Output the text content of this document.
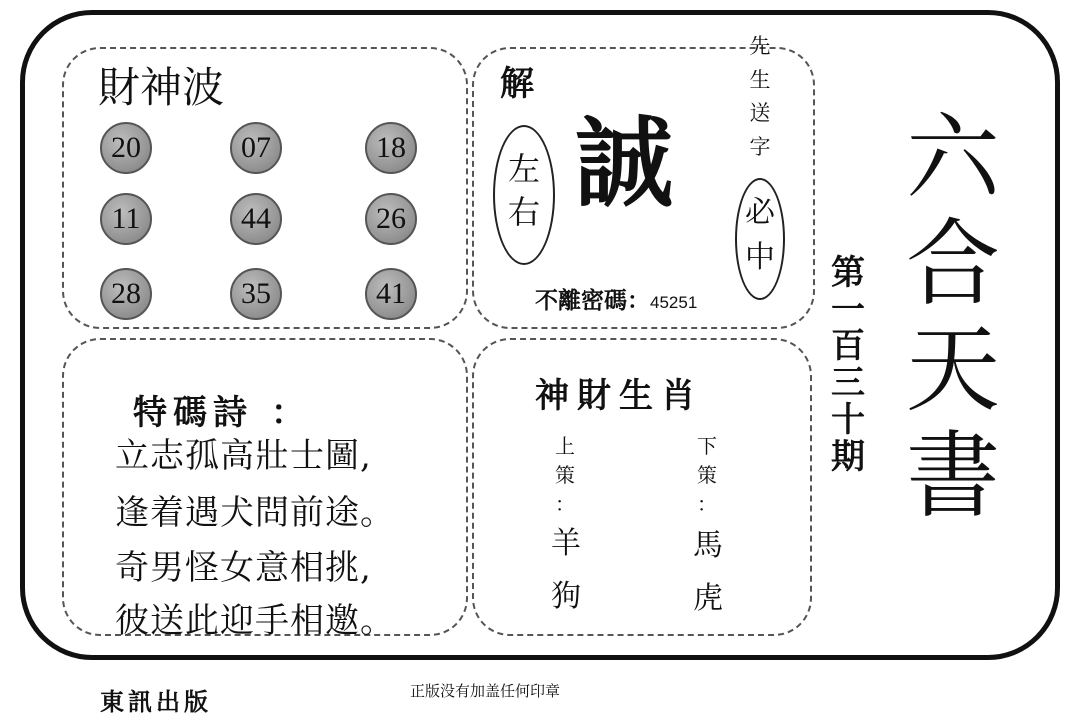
財神波
20	07	18
11	44	26
28	35	41
解
左
右 誠
先
生
送
字
必
中
不離密碼：45251
特碼詩 ：
立志孤高壯士圖,
逢着遇犬問前途。
奇男怪女意相挑,
彼送此迎手相邀。
神財生肖
上
策
：
羊
狗
下
策
：
馬
虎
第
一
百
三
十
期
六
合
天
書
東訊出版	正版没有加盖任何印章
